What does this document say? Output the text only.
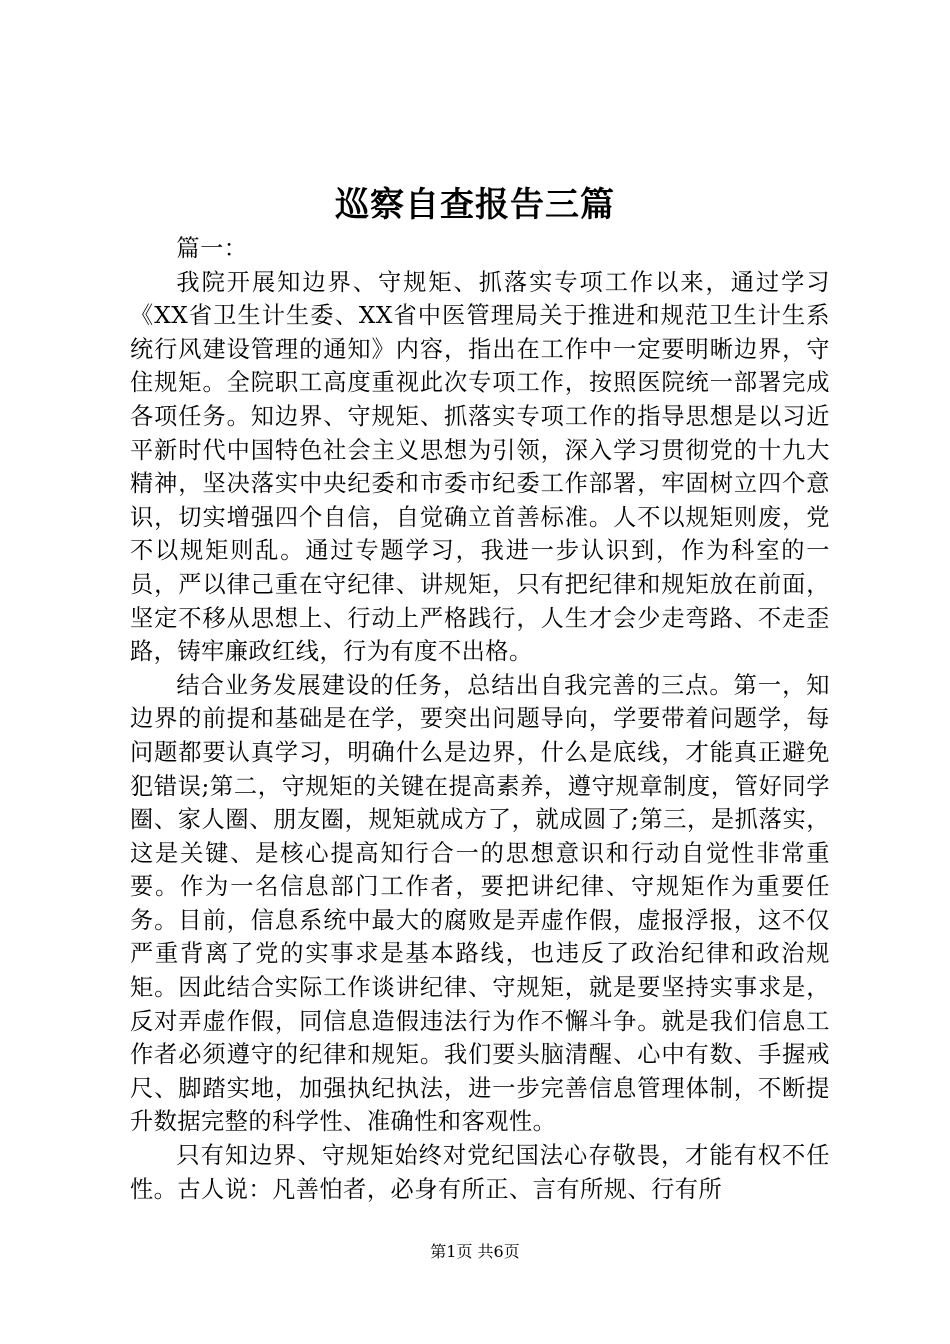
巡察自查报告三篇

篇一：

我院开展知边界、守规矩、抓落实专项工作以来，通过学习《XX省卫生计生委、XX省中医管理局关于推进和规范卫生计生系统行风建设管理的通知》内容，指出在工作中一定要明晰边界，守住规矩。全院职工高度重视此次专项工作，按照医院统一部署完成各项任务。知边界、守规矩、抓落实专项工作的指导思想是以习近平新时代中国特色社会主义思想为引领，深入学习贯彻党的十九大精神，坚决落实中央纪委和市委市纪委工作部署，牢固树立四个意识，切实增强四个自信，自觉确立首善标准。人不以规矩则废，党不以规矩则乱。通过专题学习，我进一步认识到，作为科室的一员，严以律己重在守纪律、讲规矩，只有把纪律和规矩放在前面，坚定不移从思想上、行动上严格践行，人生才会少走弯路、不走歪路，铸牢廉政红线，行为有度不出格。

结合业务发展建设的任务，总结出自我完善的三点。第一，知边界的前提和基础是在学，要突出问题导向，学要带着问题学，每问题都要认真学习，明确什么是边界，什么是底线，才能真正避免犯错误;第二，守规矩的关键在提高素养，遵守规章制度，管好同学圈、家人圈、朋友圈，规矩就成方了，就成圆了;第三，是抓落实，这是关键、是核心提高知行合一的思想意识和行动自觉性非常重要。作为一名信息部门工作者，要把讲纪律、守规矩作为重要任务。目前，信息系统中最大的腐败是弄虚作假，虚报浮报，这不仅严重背离了党的实事求是基本路线，也违反了政治纪律和政治规矩。因此结合实际工作谈讲纪律、守规矩，就是要坚持实事求是，反对弄虚作假，同信息造假违法行为作不懈斗争。就是我们信息工作者必须遵守的纪律和规矩。我们要头脑清醒、心中有数、手握戒尺、脚踏实地，加强执纪执法，进一步完善信息管理体制，不断提升数据完整的科学性、准确性和客观性。

只有知边界、守规矩始终对党纪国法心存敬畏，才能有权不任性。古人说：凡善怕者，必身有所正、言有所规、行有所

第1页 共6页
